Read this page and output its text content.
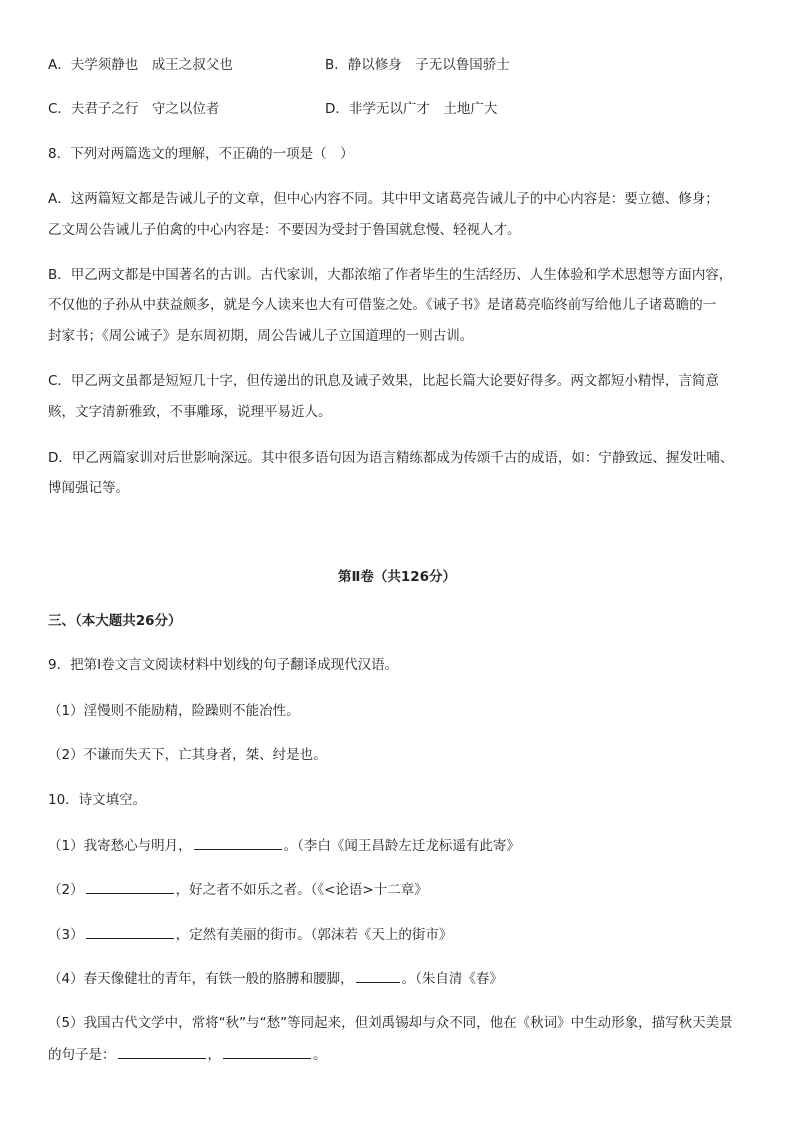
A．夫学须静也　成王之叔父也	B．静以修身　子无以鲁国骄士
C．夫君子之行　守之以位者	D．非学无以广才　土地广大
8．下列对两篇选文的理解，不正确的一项是（　）
A．这两篇短文都是告诫儿子的文章，但中心内容不同。其中甲文诸葛亮告诫儿子的中心内容是：要立德、修身；
乙文周公告诫儿子伯禽的中心内容是：不要因为受封于鲁国就怠慢、轻视人才。
B．甲乙两文都是中国著名的古训。古代家训，大都浓缩了作者毕生的生活经历、人生体验和学术思想等方面内容，
不仅他的子孙从中获益颇多，就是今人读来也大有可借鉴之处。《诫子书》是诸葛亮临终前写给他儿子诸葛瞻的一
封家书；《周公诫子》是东周初期，周公告诫儿子立国道理的一则古训。
C．甲乙两文虽都是短短几十字，但传递出的讯息及诫子效果，比起长篇大论要好得多。两文都短小精悍，言简意
赅，文字清新雅致，不事雕琢，说理平易近人。
D．甲乙两篇家训对后世影响深远。其中很多语句因为语言精练都成为传颂千古的成语，如：宁静致远、握发吐哺、
博闻强记等。
第Ⅱ卷（共126分）
三、（本大题共26分）
9．把第Ⅰ卷文言文阅读材料中划线的句子翻译成现代汉语。
（1）淫慢则不能励精，险躁则不能冶性。
（2）不谦而失天下，亡其身者，桀、纣是也。
10．诗文填空。
（1）我寄愁心与明月，	。（李白《闻王昌龄左迁龙标遥有此寄》
（2）	，好之者不如乐之者。（《<论语>十二章》
（3）	，定然有美丽的街市。（郭沫若《天上的街市》
（4）春天像健壮的青年，有铁一般的胳膊和腰脚，	。（朱自清《春》
（5）我国古代文学中，常将“秋”与“愁”等同起来，但刘禹锡却与众不同，他在《秋词》中生动形象，描写秋天美景
的句子是：	，	。
